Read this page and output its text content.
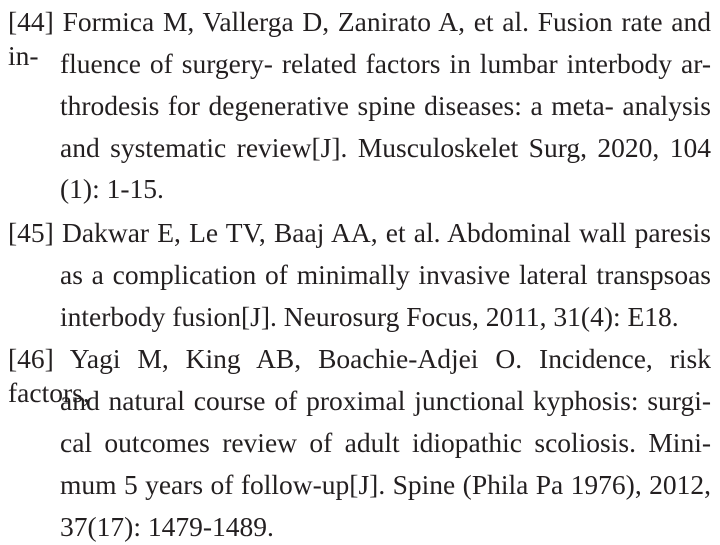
[44] Formica M, Vallerga D, Zanirato A, et al. Fusion rate and in- fluence of surgery- related factors in lumbar interbody ar-
throdesis for degenerative spine diseases: a meta- analysis
and systematic review[J]. Musculoskelet Surg, 2020, 104
(1): 1-15.
[45] Dakwar E, Le TV, Baaj AA, et al. Abdominal wall paresis
as a complication of minimally invasive lateral transpsoas
interbody fusion[J]. Neurosurg Focus, 2011, 31(4): E18.
[46] Yagi M, King AB, Boachie-Adjei O. Incidence, risk factors,
and natural course of proximal junctional kyphosis: surgi-
cal outcomes review of adult idiopathic scoliosis. Mini-
mum 5 years of follow-up[J]. Spine (Phila Pa 1976), 2012,
37(17): 1479-1489.
